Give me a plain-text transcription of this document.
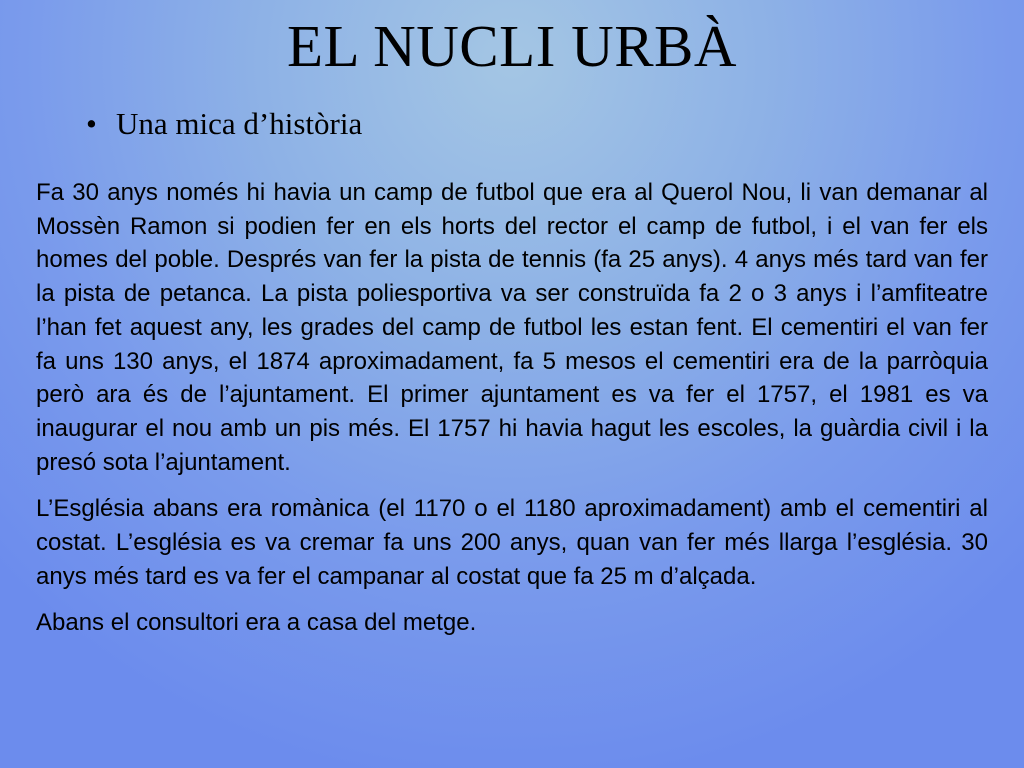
EL NUCLI URBÀ
• Una mica d’història

Fa 30 anys només hi havia un camp de futbol que era al Querol Nou, li van demanar al Mossèn Ramon si podien fer en els horts del rector el camp de futbol, i el van fer els homes del poble. Després van fer la pista de tennis (fa 25 anys). 4 anys més tard van fer la pista de petanca. La pista poliesportiva va ser construïda fa 2 o 3 anys i l’amfiteatre l’han fet aquest any, les grades del camp de futbol les estan fent. El cementiri el van fer fa uns 130 anys, el 1874 aproximadament, fa 5 mesos el cementiri era de la parròquia però ara és de l’ajuntament. El primer ajuntament es va fer el 1757, el 1981 es va inaugurar el nou amb un pis més. El 1757 hi havia hagut les escoles, la guàrdia civil i la presó sota l’ajuntament.

L’Església abans era romànica (el 1170 o el 1180 aproximadament) amb el cementiri al costat. L’església es va cremar fa uns 200 anys, quan van fer més llarga l’església. 30 anys més tard es va fer el campanar al costat que fa 25 m d’alçada.

Abans el consultori era a casa del metge.
